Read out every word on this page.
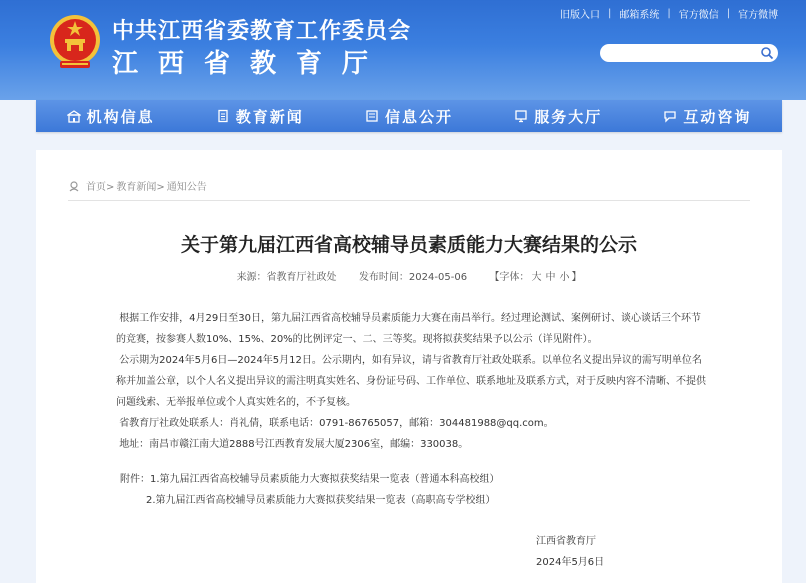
中共江西省委教育工作委员会
江西省教育厅
旧版入口 | 邮箱系统 | 官方微信 | 官方微博
机构信息	教育新闻	信息公开	服务大厅	互动咨询
首页> 教育新闻> 通知公告
关于第九届江西省高校辅导员素质能力大赛结果的公示
来源：省教育厅社政处 发布时间：2024-05-06 【字体： 大 中 小 】

根据工作安排，4月29日至30日，第九届江西省高校辅导员素质能力大赛在南昌举行。经过理论测试、案例研讨、谈心谈话三个环节的竞赛，按参赛人数10%、15%、20%的比例评定一、二、三等奖。现将拟获奖结果予以公示（详见附件）。

公示期为2024年5月6日—2024年5月12日。公示期内，如有异议，请与省教育厅社政处联系。以单位名义提出异议的需写明单位名称并加盖公章，以个人名义提出异议的需注明真实姓名、身份证号码、工作单位、联系地址及联系方式，对于反映内容不清晰、不提供问题线索、无举报单位或个人真实姓名的，不予复核。

省教育厅社政处联系人：肖礼倩，联系电话：0791-86765057，邮箱：304481988@qq.com。

地址：南昌市赣江南大道2888号江西教育发展大厦2306室，邮编：330038。

附件：1.第九届江西省高校辅导员素质能力大赛拟获奖结果一览表（普通本科高校组）
2.第九届江西省高校辅导员素质能力大赛拟获奖结果一览表（高职高专学校组）
江西省教育厅
2024年5月6日
